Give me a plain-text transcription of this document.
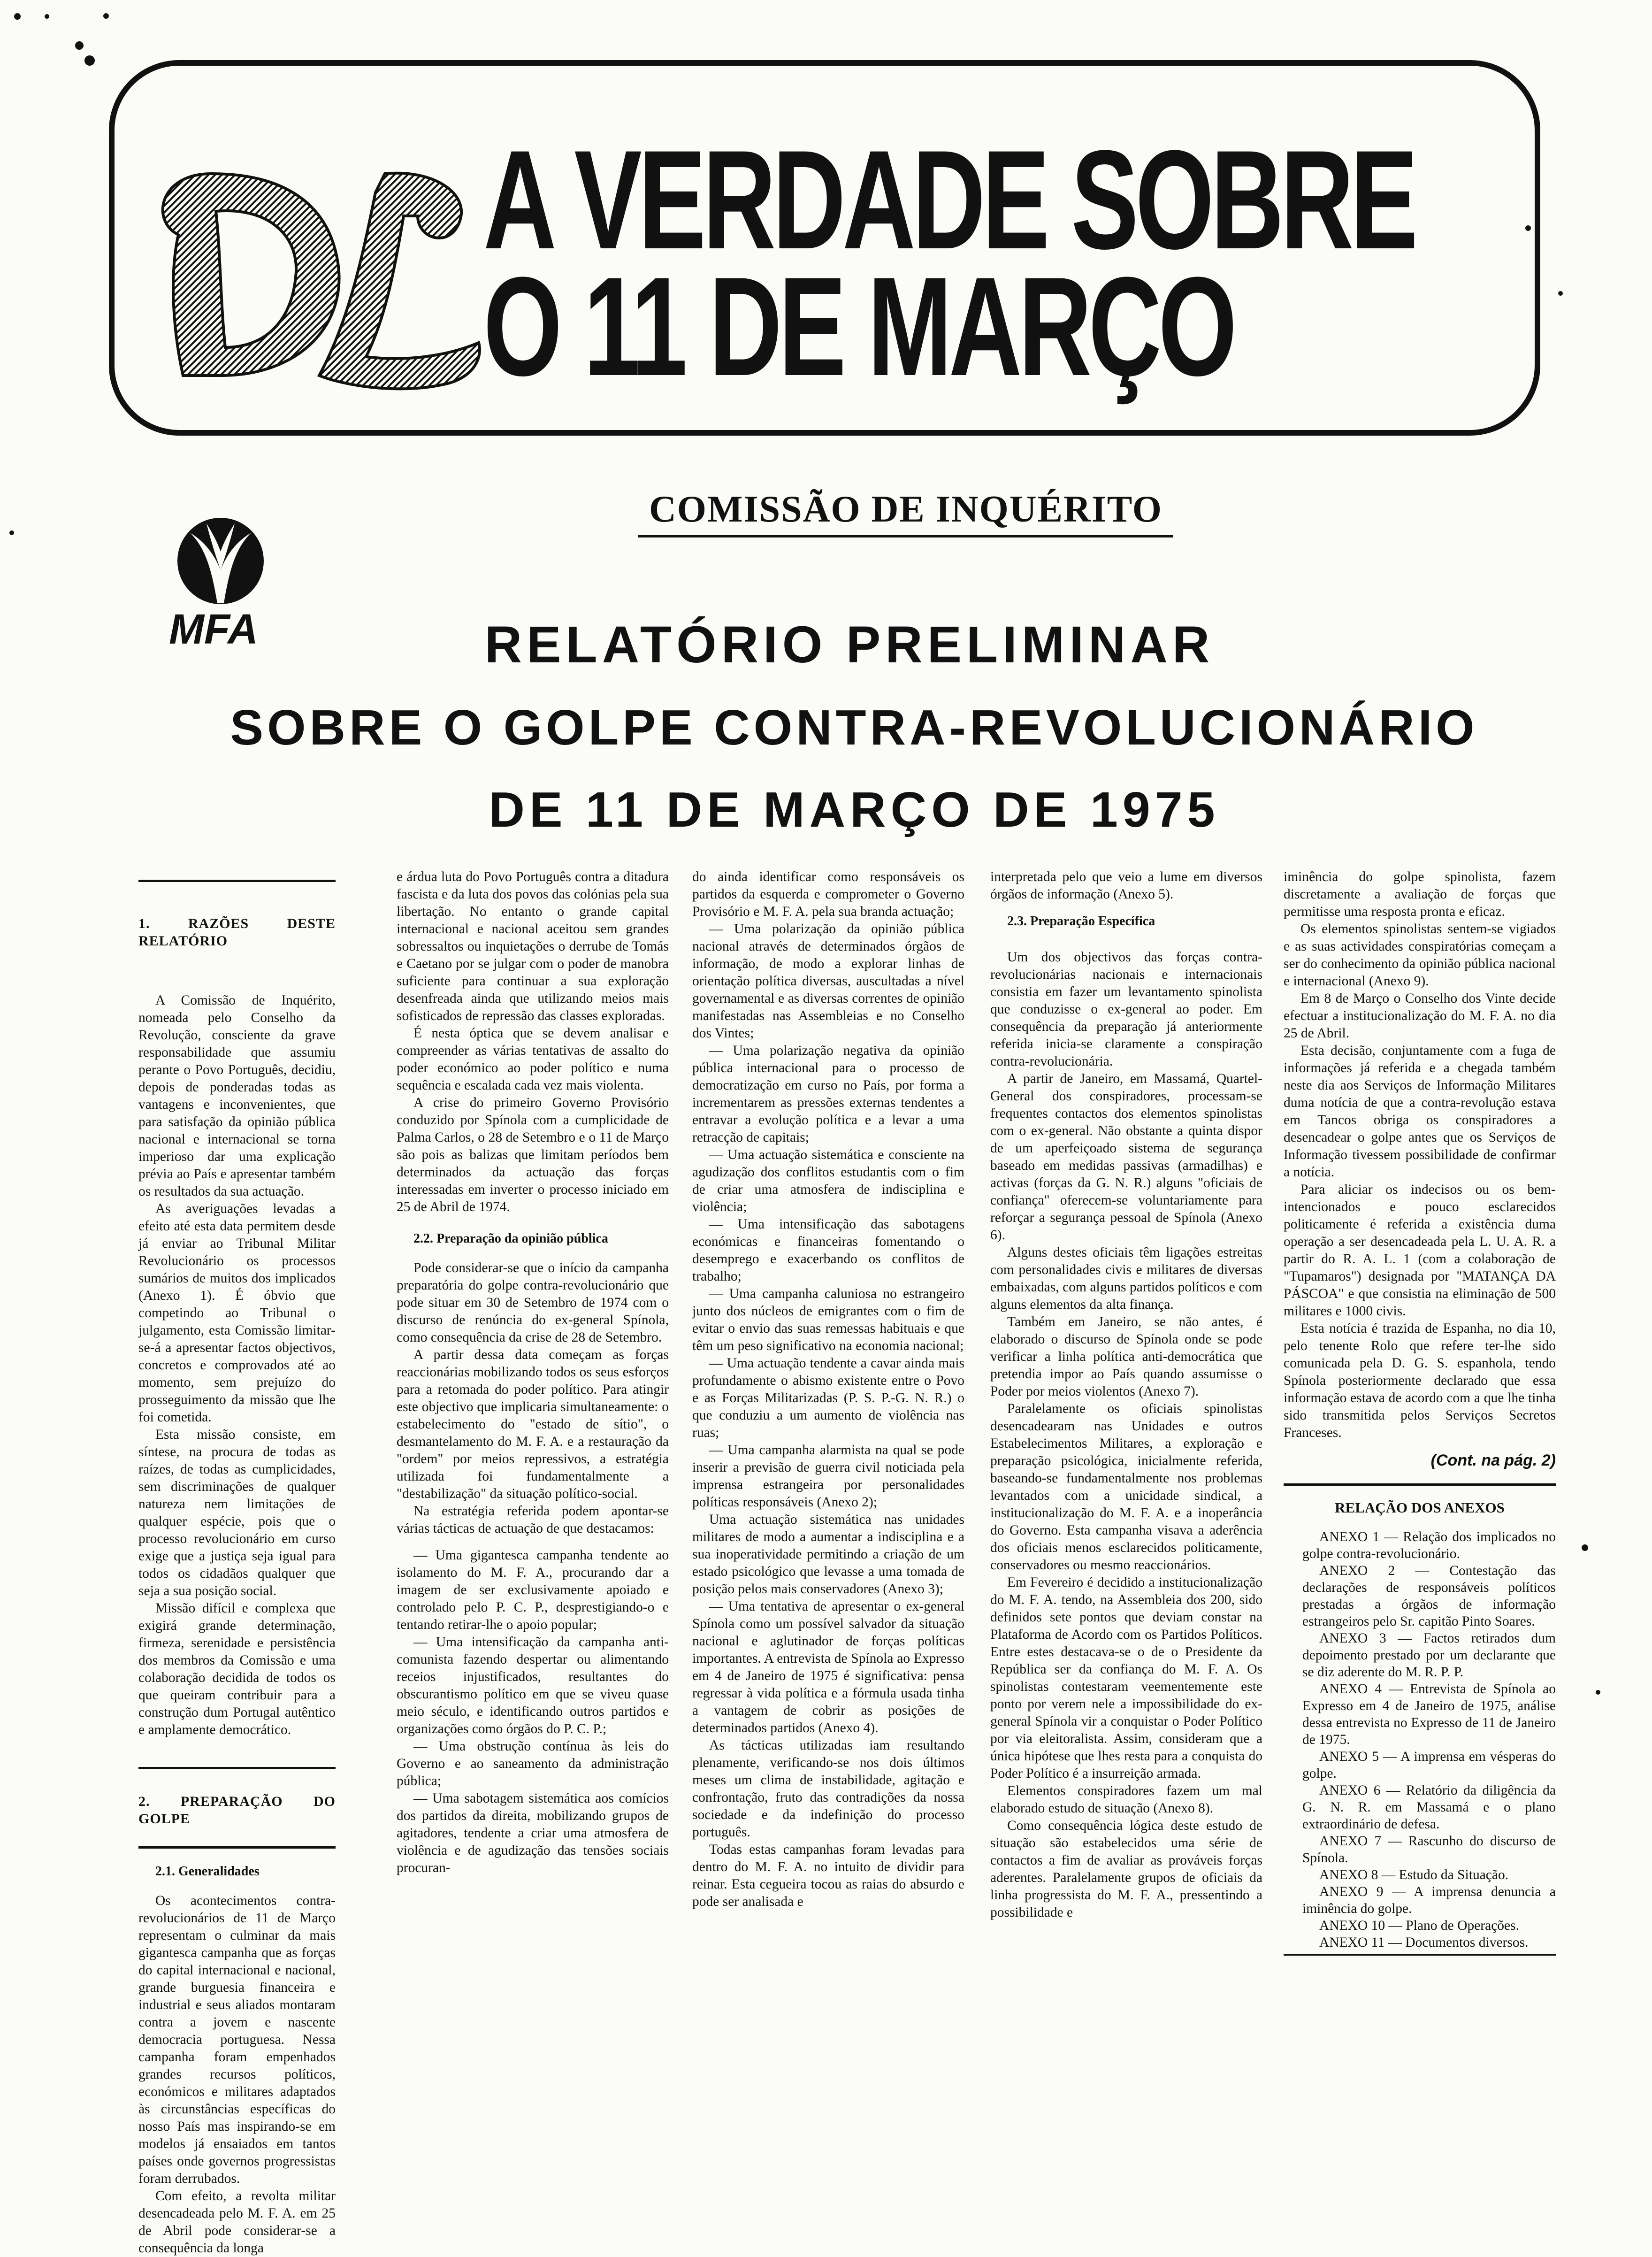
A VERDADE SOBRE
O 11 DE MARÇO
COMISSÃO DE INQUÉRITO
MFA	RELATÓRIO PRELIMINAR
SOBRE O GOLPE CONTRA-REVOLUCIONÁRIO
DE 11 DE MARÇO DE 1975
1. RAZÕES DESTE RELATÓRIO

A Comissão de Inquérito, nomeada pelo Conselho da Revolução, consciente da grave responsabilidade que assumiu perante o Povo Português, decidiu, depois de ponderadas todas as vantagens e inconvenientes, que para satisfação da opinião pública nacional e internacional se torna imperioso dar uma explicação prévia ao País e apresentar também os resultados da sua actuação.

As averiguações levadas a efeito até esta data permitem desde já enviar ao Tribunal Militar Revolucionário os processos sumários de muitos dos implicados (Anexo 1). É óbvio que competindo ao Tribunal o julgamento, esta Comissão limitar-se-á a apresentar factos objectivos, concretos e comprovados até ao momento, sem prejuízo do prosseguimento da missão que lhe foi cometida.

Esta missão consiste, em síntese, na procura de todas as raízes, de todas as cumplicidades, sem discriminações de qualquer natureza nem limitações de qualquer espécie, pois que o processo revolucionário em curso exige que a justiça seja igual para todos os cidadãos qualquer que seja a sua posição social.

Missão difícil e complexa que exigirá grande determinação, firmeza, serenidade e persistência dos membros da Comissão e uma colaboração decidida de todos os que queiram contribuir para a construção dum Portugal autêntico e amplamente democrático.

2. PREPARAÇÃO DO GOLPE
2.1. Generalidades

Os acontecimentos contra-revolucionários de 11 de Março representam o culminar da mais gigantesca campanha que as forças do capital internacional e nacional, grande burguesia financeira e industrial e seus aliados montaram contra a jovem e nascente democracia portuguesa. Nessa campanha foram empenhados grandes recursos políticos, económicos e militares adaptados às circunstâncias específicas do nosso País mas inspirando-se em modelos já ensaiados em tantos países onde governos progressistas foram derrubados.

Com efeito, a revolta militar desencadeada pelo M. F. A. em 25 de Abril pode considerar-se a consequência da longa

e árdua luta do Povo Português contra a ditadura fascista e da luta dos povos das colónias pela sua libertação. No entanto o grande capital internacional e nacional aceitou sem grandes sobressaltos ou inquietações o derrube de Tomás e Caetano por se julgar com o poder de manobra suficiente para continuar a sua exploração desenfreada ainda que utilizando meios mais sofisticados de repressão das classes exploradas.

É nesta óptica que se devem analisar e compreender as várias tentativas de assalto do poder económico ao poder político e numa sequência e escalada cada vez mais violenta.

A crise do primeiro Governo Provisório conduzido por Spínola com a cumplicidade de Palma Carlos, o 28 de Setembro e o 11 de Março são pois as balizas que limitam períodos bem determinados da actuação das forças interessadas em inverter o processo iniciado em 25 de Abril de 1974.

2.2. Preparação da opinião pública

Pode considerar-se que o início da campanha preparatória do golpe contra-revolucionário que pode situar em 30 de Setembro de 1974 com o discurso de renúncia do ex-general Spínola, como consequência da crise de 28 de Setembro.

A partir dessa data começam as forças reaccionárias mobilizando todos os seus esforços para a retomada do poder político. Para atingir este objectivo que implicaria simultaneamente: o estabelecimento do "estado de sítio", o desmantelamento do M. F. A. e a restauração da "ordem" por meios repressivos, a estratégia utilizada foi fundamentalmente a "destabilização" da situação político-social.

Na estratégia referida podem apontar-se várias tácticas de actuação de que destacamos:

— Uma gigantesca campanha tendente ao isolamento do M. F. A., procurando dar a imagem de ser exclusivamente apoiado e controlado pelo P. C. P., desprestigiando-o e tentando retirar-lhe o apoio popular;

— Uma intensificação da campanha anti-comunista fazendo despertar ou alimentando receios injustificados, resultantes do obscurantismo político em que se viveu quase meio século, e identificando outros partidos e organizações como órgãos do P. C. P.;

— Uma obstrução contínua às leis do Governo e ao saneamento da administração pública;

— Uma sabotagem sistemática aos comícios dos partidos da direita, mobilizando grupos de agitadores, tendente a criar uma atmosfera de violência e de agudização das tensões sociais procuran-

do ainda identificar como responsáveis os partidos da esquerda e comprometer o Governo Provisório e M. F. A. pela sua branda actuação;

— Uma polarização da opinião pública nacional através de determinados órgãos de informação, de modo a explorar linhas de orientação política diversas, auscultadas a nível governamental e as diversas correntes de opinião manifestadas nas Assembleias e no Conselho dos Vintes;

— Uma polarização negativa da opinião pública internacional para o processo de democratização em curso no País, por forma a incrementarem as pressões externas tendentes a entravar a evolução política e a levar a uma retracção de capitais;

— Uma actuação sistemática e consciente na agudização dos conflitos estudantis com o fim de criar uma atmosfera de indisciplina e violência;

— Uma intensificação das sabotagens económicas e financeiras fomentando o desemprego e exacerbando os conflitos de trabalho;

— Uma campanha caluniosa no estrangeiro junto dos núcleos de emigrantes com o fim de evitar o envio das suas remessas habituais e que têm um peso significativo na economia nacional;

— Uma actuação tendente a cavar ainda mais profundamente o abismo existente entre o Povo e as Forças Militarizadas (P. S. P.-G. N. R.) o que conduziu a um aumento de violência nas ruas;

— Uma campanha alarmista na qual se pode inserir a previsão de guerra civil noticiada pela imprensa estrangeira por personalidades políticas responsáveis (Anexo 2);

Uma actuação sistemática nas unidades militares de modo a aumentar a indisciplina e a sua inoperatividade permitindo a criação de um estado psicológico que levasse a uma tomada de posição pelos mais conservadores (Anexo 3);

— Uma tentativa de apresentar o ex-general Spínola como um possível salvador da situação nacional e aglutinador de forças políticas importantes. A entrevista de Spínola ao Expresso em 4 de Janeiro de 1975 é significativa: pensa regressar à vida política e a fórmula usada tinha a vantagem de cobrir as posições de determinados partidos (Anexo 4).

As tácticas utilizadas iam resultando plenamente, verificando-se nos dois últimos meses um clima de instabilidade, agitação e confrontação, fruto das contradições da nossa sociedade e da indefinição do processo português.

Todas estas campanhas foram levadas para dentro do M. F. A. no intuito de dividir para reinar. Esta cegueira tocou as raias do absurdo e pode ser analisada e

interpretada pelo que veio a lume em diversos órgãos de informação (Anexo 5).

2.3. Preparação Específica

Um dos objectivos das forças contra-revolucionárias nacionais e internacionais consistia em fazer um levantamento spinolista que conduzisse o ex-general ao poder. Em consequência da preparação já anteriormente referida inicia-se claramente a conspiração contra-revolucionária.

A partir de Janeiro, em Massamá, Quartel-General dos conspiradores, processam-se frequentes contactos dos elementos spinolistas com o ex-general. Não obstante a quinta dispor de um aperfeiçoado sistema de segurança baseado em medidas passivas (armadilhas) e activas (forças da G. N. R.) alguns "oficiais de confiança" oferecem-se voluntariamente para reforçar a segurança pessoal de Spínola (Anexo 6).

Alguns destes oficiais têm ligações estreitas com personalidades civis e militares de diversas embaixadas, com alguns partidos políticos e com alguns elementos da alta finança.

Também em Janeiro, se não antes, é elaborado o discurso de Spínola onde se pode verificar a linha política anti-democrática que pretendia impor ao País quando assumisse o Poder por meios violentos (Anexo 7).

Paralelamente os oficiais spinolistas desencadearam nas Unidades e outros Estabelecimentos Militares, a exploração e preparação psicológica, inicialmente referida, baseando-se fundamentalmente nos problemas levantados com a unicidade sindical, a institucionalização do M. F. A. e a inoperância do Governo. Esta campanha visava a aderência dos oficiais menos esclarecidos politicamente, conservadores ou mesmo reaccionários.

Em Fevereiro é decidido a institucionalização do M. F. A. tendo, na Assembleia dos 200, sido definidos sete pontos que deviam constar na Plataforma de Acordo com os Partidos Políticos. Entre estes destacava-se o de o Presidente da República ser da confiança do M. F. A. Os spinolistas contestaram veementemente este ponto por verem nele a impossibilidade do ex-general Spínola vir a conquistar o Poder Político por via eleitoralista. Assim, consideram que a única hipótese que lhes resta para a conquista do Poder Político é a insurreição armada.

Elementos conspiradores fazem um mal elaborado estudo de situação (Anexo 8).

Como consequência lógica deste estudo de situação são estabelecidos uma série de contactos a fim de avaliar as prováveis forças aderentes. Paralelamente grupos de oficiais da linha progressista do M. F. A., pressentindo a possibilidade e

iminência do golpe spinolista, fazem discretamente a avaliação de forças que permitisse uma resposta pronta e eficaz.

Os elementos spinolistas sentem-se vigiados e as suas actividades conspiratórias começam a ser do conhecimento da opinião pública nacional e internacional (Anexo 9).

Em 8 de Março o Conselho dos Vinte decide efectuar a institucionalização do M. F. A. no dia 25 de Abril.

Esta decisão, conjuntamente com a fuga de informações já referida e a chegada também neste dia aos Serviços de Informação Militares duma notícia de que a contra-revolução estava em Tancos obriga os conspiradores a desencadear o golpe antes que os Serviços de Informação tivessem possibilidade de confirmar a notícia.

Para aliciar os indecisos ou os bem-intencionados e pouco esclarecidos politicamente é referida a existência duma operação a ser desencadeada pela L. U. A. R. a partir do R. A. L. 1 (com a colaboração de "Tupamaros") designada por "MATANÇA DA PÁSCOA" e que consistia na eliminação de 500 militares e 1000 civis.

Esta notícia é trazida de Espanha, no dia 10, pelo tenente Rolo que refere ter-lhe sido comunicada pela D. G. S. espanhola, tendo Spínola posteriormente declarado que essa informação estava de acordo com a que lhe tinha sido transmitida pelos Serviços Secretos Franceses.

(Cont. na pág. 2)
RELAÇÃO DOS ANEXOS

ANEXO 1 — Relação dos implicados no golpe contra-revolucionário.

ANEXO 2 — Contestação das declarações de responsáveis políticos prestadas a órgãos de informação estrangeiros pelo Sr. capitão Pinto Soares.

ANEXO 3 — Factos retirados dum depoimento prestado por um declarante que se diz aderente do M. R. P. P.

ANEXO 4 — Entrevista de Spínola ao Expresso em 4 de Janeiro de 1975, análise dessa entrevista no Expresso de 11 de Janeiro de 1975.

ANEXO 5 — A imprensa em vésperas do golpe.

ANEXO 6 — Relatório da diligência da G. N. R. em Massamá e o plano extraordinário de defesa.

ANEXO 7 — Rascunho do discurso de Spínola.

ANEXO 8 — Estudo da Situação.

ANEXO 9 — A imprensa denuncia a iminência do golpe.

ANEXO 10 — Plano de Operações.

ANEXO 11 — Documentos diversos.
